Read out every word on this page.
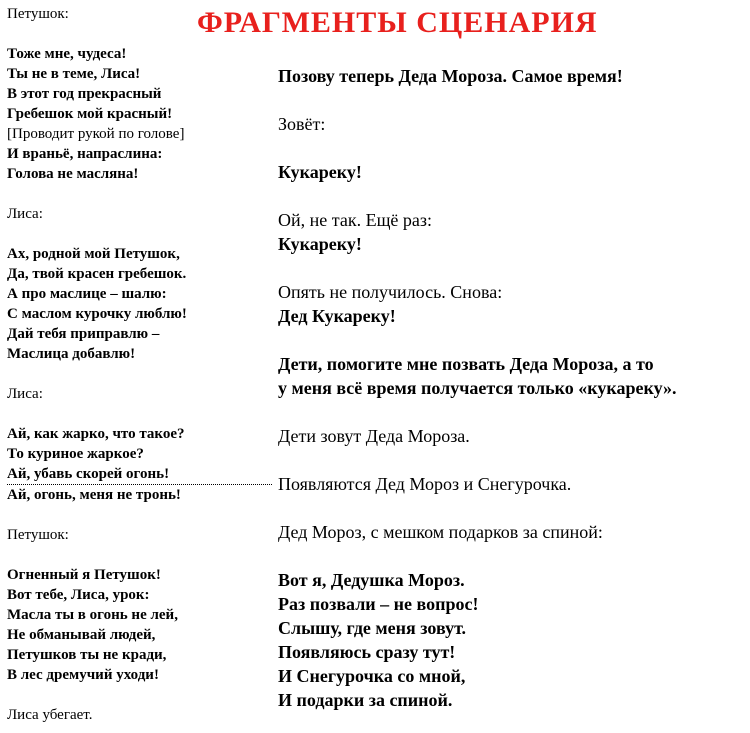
ФРАГМЕНТЫ СЦЕНАРИЯ
Петушок:
Тоже мне, чудеса!
Ты не в теме, Лиса!
В этот год прекрасный
Гребешок мой красный!
[Проводит рукой по голове]
И враньё, напраслина:
Голова не масляна!
Лиса:
Ах, родной мой Петушок,
Да, твой красен гребешок.
А про маслице – шалю:
С маслом курочку люблю!
Дай тебя приправлю –
Маслица добавлю!
Лиса:
Ай, как жарко, что такое?
То куриное жаркое?
Ай, убавь скорей огонь!
Ай, огонь, меня не тронь!
Петушок:
Огненный я Петушок!
Вот тебе, Лиса, урок:
Масла ты в огонь не лей,
Не обманывай людей,
Петушков ты не кради,
В лес дремучий уходи!
Лиса убегает.
Позову теперь Деда Мороза. Самое время!
Зовёт:
Кукареку!
Ой, не так. Ещё раз:
Кукареку!
Опять не получилось. Снова:
Дед Кукареку!
Дети, помогите мне позвать Деда Мороза, а то
у меня всё время получается только «кукареку».
Дети зовут Деда Мороза.
Появляются Дед Мороз и Снегурочка.
Дед Мороз, с мешком подарков за спиной:
Вот я, Дедушка Мороз.
Раз позвали – не вопрос!
Слышу, где меня зовут.
Появляюсь сразу тут!
И Снегурочка со мной,
И подарки за спиной.
